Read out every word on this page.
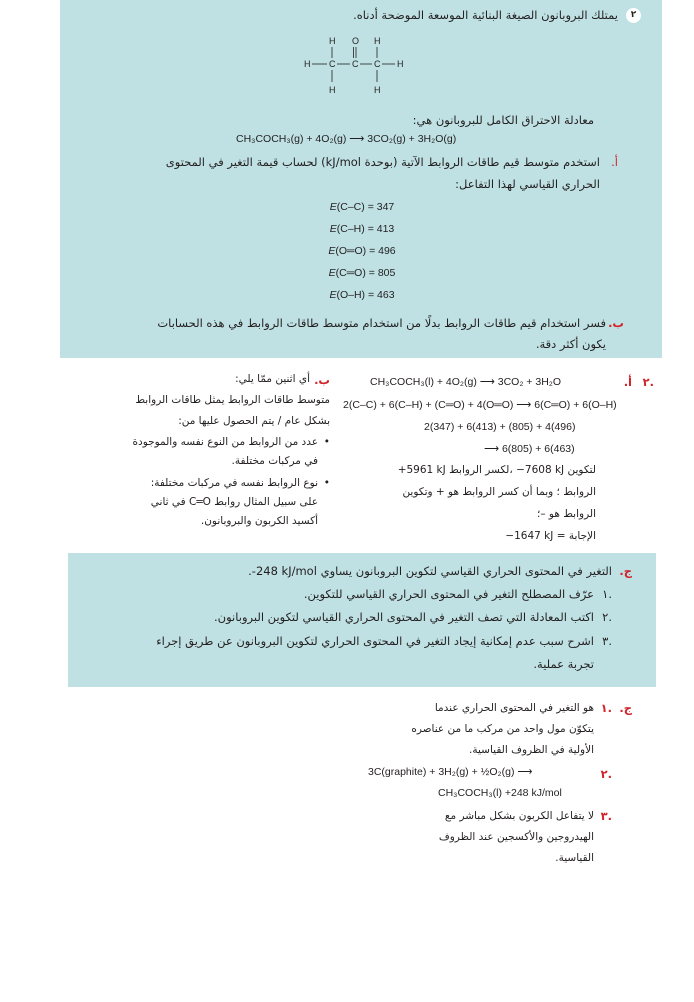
٢
يمتلك البروبانون الصيغة البنائية الموسعة الموضحة أدناه.
H O H
H C C C H
H	H
معادلة الاحتراق الكامل للبروبانون هي:
CH₃COCH₃(g) + 4O₂(g) ⟶ 3CO₂(g) + 3H₂O(g)
أ.
استخدم متوسط قيم طاقات الروابط الآتية (بوحدة kJ/mol) لحساب قيمة التغير في المحتوى
الحراري القياسي لهذا التفاعل:
E(C–C) = 347
E(C–H) = 413
E(O═O) = 496
E(C═O) = 805
E(O–H) = 463
ب.
فسر استخدام قيم طاقات الروابط بدلًا من استخدام متوسط طاقات الروابط في هذه الحسابات
يكون أكثر دقة.
٢.
أ.
CH₃COCH₃(l) + 4O₂(g) ⟶ 3CO₂ + 3H₂O
2(C–C) + 6(C–H) + (C═O) + 4(O═O) ⟶ 6(C═O) + 6(O–H)
2(347) + 6(413) + (805) + 4(496)
⟶ 6(805) + 6(463)
+5961 kJ لكسر الروابط، ‎−7608 kJ لتكوين
الروابط ؛ وبما أن كسر الروابط هو + وتكوين
الروابط هو –؛
الإجابة = ‎−1647 kJ
ب.
أي اثنين ممّا يلي:
متوسط طاقات الروابط يمثل طاقات الروابط
بشكل عام / يتم الحصول عليها من:
• عدد من الروابط من النوع نفسه والموجودة
في مركبات مختلفة.
• نوع الروابط نفسه في مركبات مختلفة:
على سبيل المثال روابط C═O في ثاني
أكسيد الكربون والبروبانون.
ج.
التغير في المحتوى الحراري القياسي لتكوين البروبانون يساوي ‎-248 kJ/mol.
١.
عرّف المصطلح التغير في المحتوى الحراري القياسي للتكوين.
٢.
اكتب المعادلة التي تصف التغير في المحتوى الحراري القياسي لتكوين البروبانون.
٣.
اشرح سبب عدم إمكانية إيجاد التغير في المحتوى الحراري لتكوين البروبانون عن طريق إجراء
تجربة عملية.
ج.
١.
هو التغير في المحتوى الحراري عندما
يتكوّن مول واحد من مركب ما من عناصره
الأولية في الظروف القياسية.
٢.
3C(graphite) + 3H₂(g) + ½O₂(g) ⟶
CH₃COCH₃(l) +248 kJ/mol
٣.
لا يتفاعل الكربون بشكل مباشر مع
الهيدروجين والأكسجين عند الظروف
القياسية.
